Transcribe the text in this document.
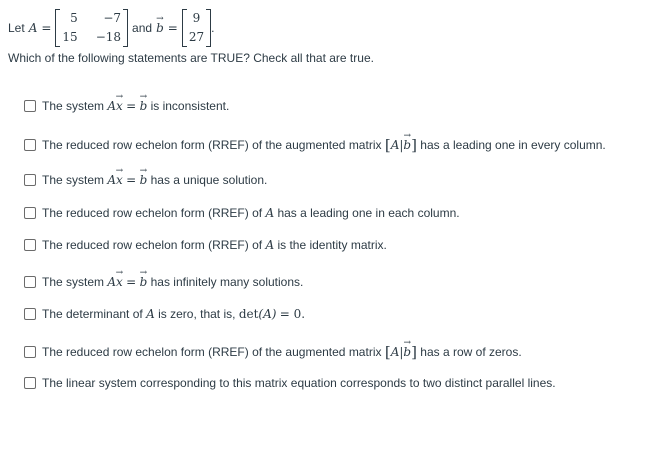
Let A =
5	−7
15 −18
and → b =
9
27
.
Which of the following statements are TRUE? Check all that are true.
The system
A → x
=
→ b
is inconsistent.
The reduced row echelon form (RREF) of the augmented matrix
[ A | → b ]
has a leading one in every column.
The system
A → x
=
→ b
has a unique solution.
The reduced row echelon form (RREF) of
A
has a leading one in each column.
The reduced row echelon form (RREF) of
A
is the identity matrix.
The system
A → x
=
→ b
has infinitely many solutions.
The determinant of
A
is zero, that is,
det (A)
= 0.
The reduced row echelon form (RREF) of the augmented matrix
[ A | → b ]
has a row of zeros.
The linear system corresponding to this matrix equation corresponds to two distinct parallel lines.
